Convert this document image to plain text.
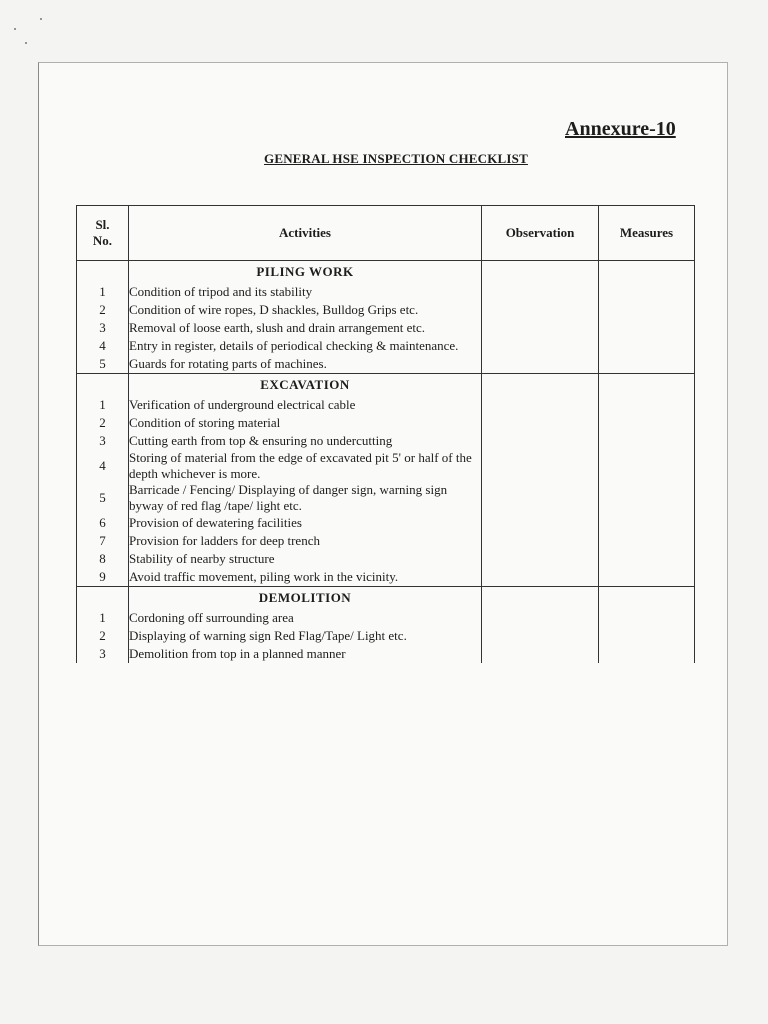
Annexure-10
GENERAL HSE INSPECTION CHECKLIST
Sl.
No.	Activities	Observation	Measures
	PILING WORK		
1	Condition of tripod and its stability		
2	Condition of wire ropes, D shackles, Bulldog Grips etc.		
3	Removal of loose earth, slush and drain arrangement etc.		
4	Entry in register, details of periodical checking & maintenance.		
5	Guards for rotating parts of machines.		
	EXCAVATION		
1	Verification of underground electrical cable		
2	Condition of storing material		
3	Cutting earth from top & ensuring no undercutting		
4	Storing of material from the edge of excavated pit 5' or half of the depth whichever is more.		
5	Barricade / Fencing/ Displaying of danger sign, warning sign byway of red flag /tape/ light etc.		
6	Provision of dewatering facilities		
7	Provision for ladders for deep trench		
8	Stability of nearby structure		
9	Avoid traffic movement, piling work in the vicinity.		
	DEMOLITION		
1	Cordoning off surrounding area		
2	Displaying of warning sign Red Flag/Tape/ Light etc.		
3	Demolition from top in a planned manner		
